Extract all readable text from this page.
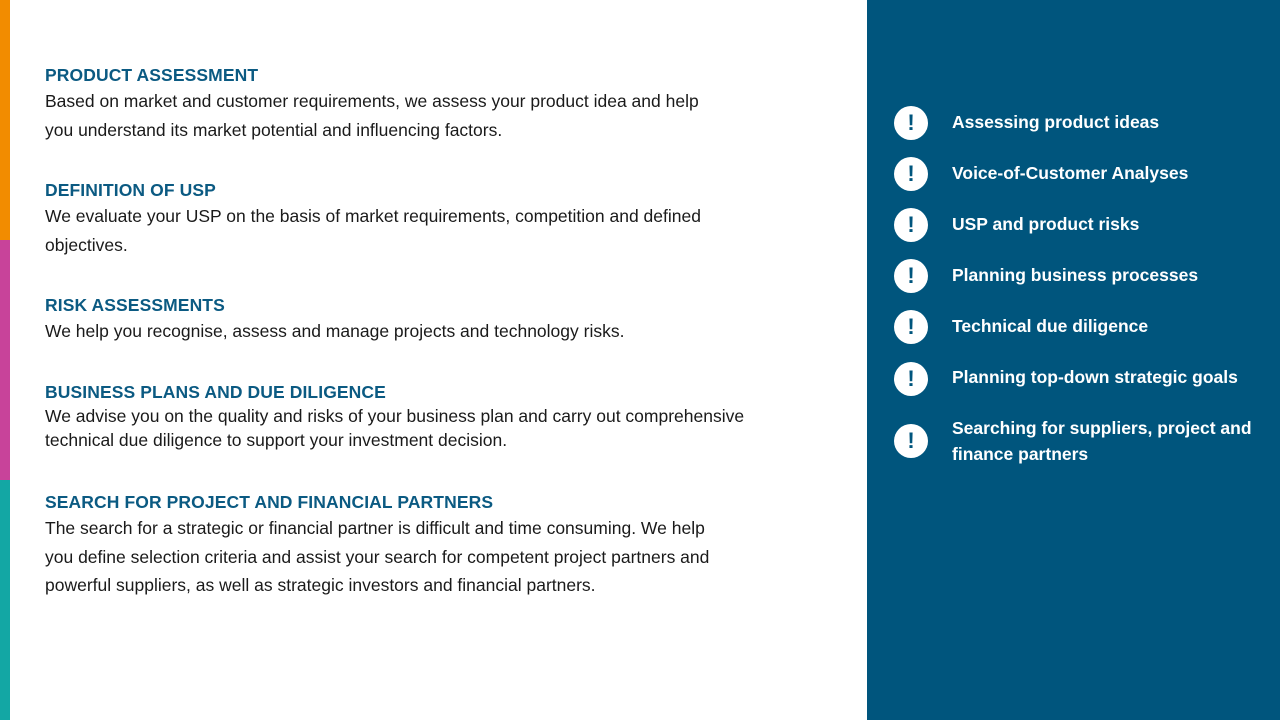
PRODUCT ASSESSMENT

Based on market and customer requirements, we assess your product idea and help
you understand its market potential and influencing factors.

DEFINITION OF USP

We evaluate your USP on the basis of market requirements, competition and defined
objectives.

RISK ASSESSMENTS

We help you recognise, assess and manage projects and technology risks.

BUSINESS PLANS AND DUE DILIGENCE

We advise you on the quality and risks of your business plan and carry out comprehensive
technical due diligence to support your investment decision.

SEARCH FOR PROJECT AND FINANCIAL PARTNERS

The search for a strategic or financial partner is difficult and time consuming. We help
you define selection criteria and assist your search for competent project partners and
powerful suppliers, as well as strategic investors and financial partners.

!	Assessing product ideas
!	Voice-of-Customer Analyses
!	USP and product risks
!	Planning business processes
!	Technical due diligence
!	Planning top-down strategic goals
!	Searching for suppliers, project and
finance partners
